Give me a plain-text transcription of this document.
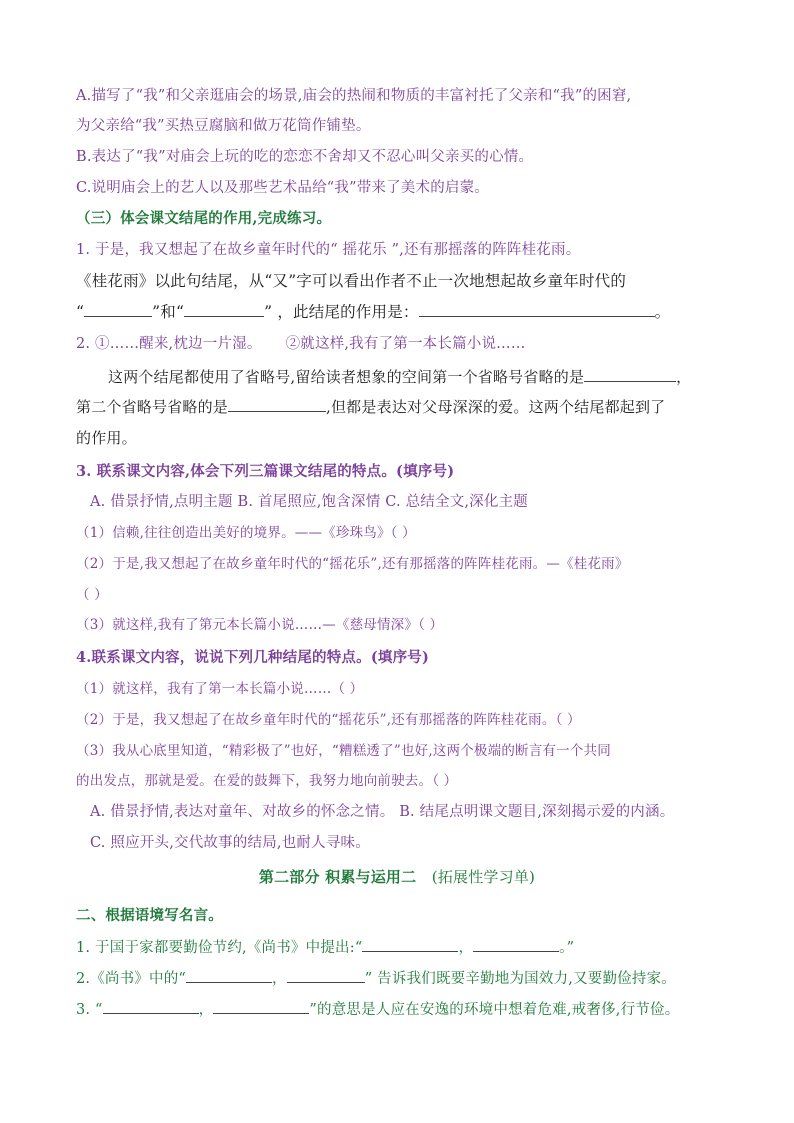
A.描写了“我”和父亲逛庙会的场景,庙会的热闹和物质的丰富衬托了父亲和“我”的困窘,
为父亲给“我”买热豆腐脑和做万花筒作铺垫。
B.表达了“我”对庙会上玩的吃的恋恋不舍却又不忍心叫父亲买的心情。
C.说明庙会上的艺人以及那些艺术品给“我”带来了美术的启蒙。
（三）体会课文结尾的作用,完成练习。
1. 于是，我又想起了在故乡童年时代的“ 摇花乐 ”,还有那摇落的阵阵桂花雨。
《桂花雨》以此句结尾，从“又”字可以看出作者不止一次地想起故乡童年时代的
“	”和“	” ，此结尾的作用是：	。
2. ①……醒来,枕边一片湿。 ②就这样,我有了第一本长篇小说……
这两个结尾都使用了省略号,留给读者想象的空间第一个省略号省略的是	，
第二个省略号省略的是	,但都是表达对父母深深的爱。这两个结尾都起到了
的作用。
3. 联系课文内容,体会下列三篇课文结尾的特点。(填序号)
A. 借景抒情,点明主题 B. 首尾照应,饱含深情 C. 总结全文,深化主题
（1）信赖,往往创造出美好的境界。——《珍珠鸟》（ ）
（2）于是,我又想起了在故乡童年时代的“摇花乐”,还有那摇落的阵阵桂花雨。—《桂花雨》
（ ）
（3）就这样,我有了第元本长篇小说……—《慈母情深》（ ）
4.联系课文内容，说说下列几种结尾的特点。(填序号)
（1）就这样，我有了第一本长篇小说……（ ）
（2）于是，我又想起了在故乡童年时代的“摇花乐”,还有那摇落的阵阵桂花雨。（ ）
（3）我从心底里知道，“精彩极了”也好，“糟糕透了”也好,这两个极端的断言有一个共同
的出发点，那就是爱。在爱的鼓舞下，我努力地向前驶去。（ ）
A. 借景抒情,表达对童年、对故乡的怀念之情。 B. 结尾点明课文题目,深刻揭示爱的内涵。
C. 照应开头,交代故事的结局,也耐人寻味。
第二部分 积累与运用二 (拓展性学习单)
二、根据语境写名言。
1. 于国于家都要勤俭节约,《尚书》中提出:“	，	。”
2.《尚书》中的“	，	” 告诉我们既要辛勤地为国效力,又要勤俭持家。
3. “	，	”的意思是人应在安逸的环境中想着危难,戒奢侈,行节俭。
